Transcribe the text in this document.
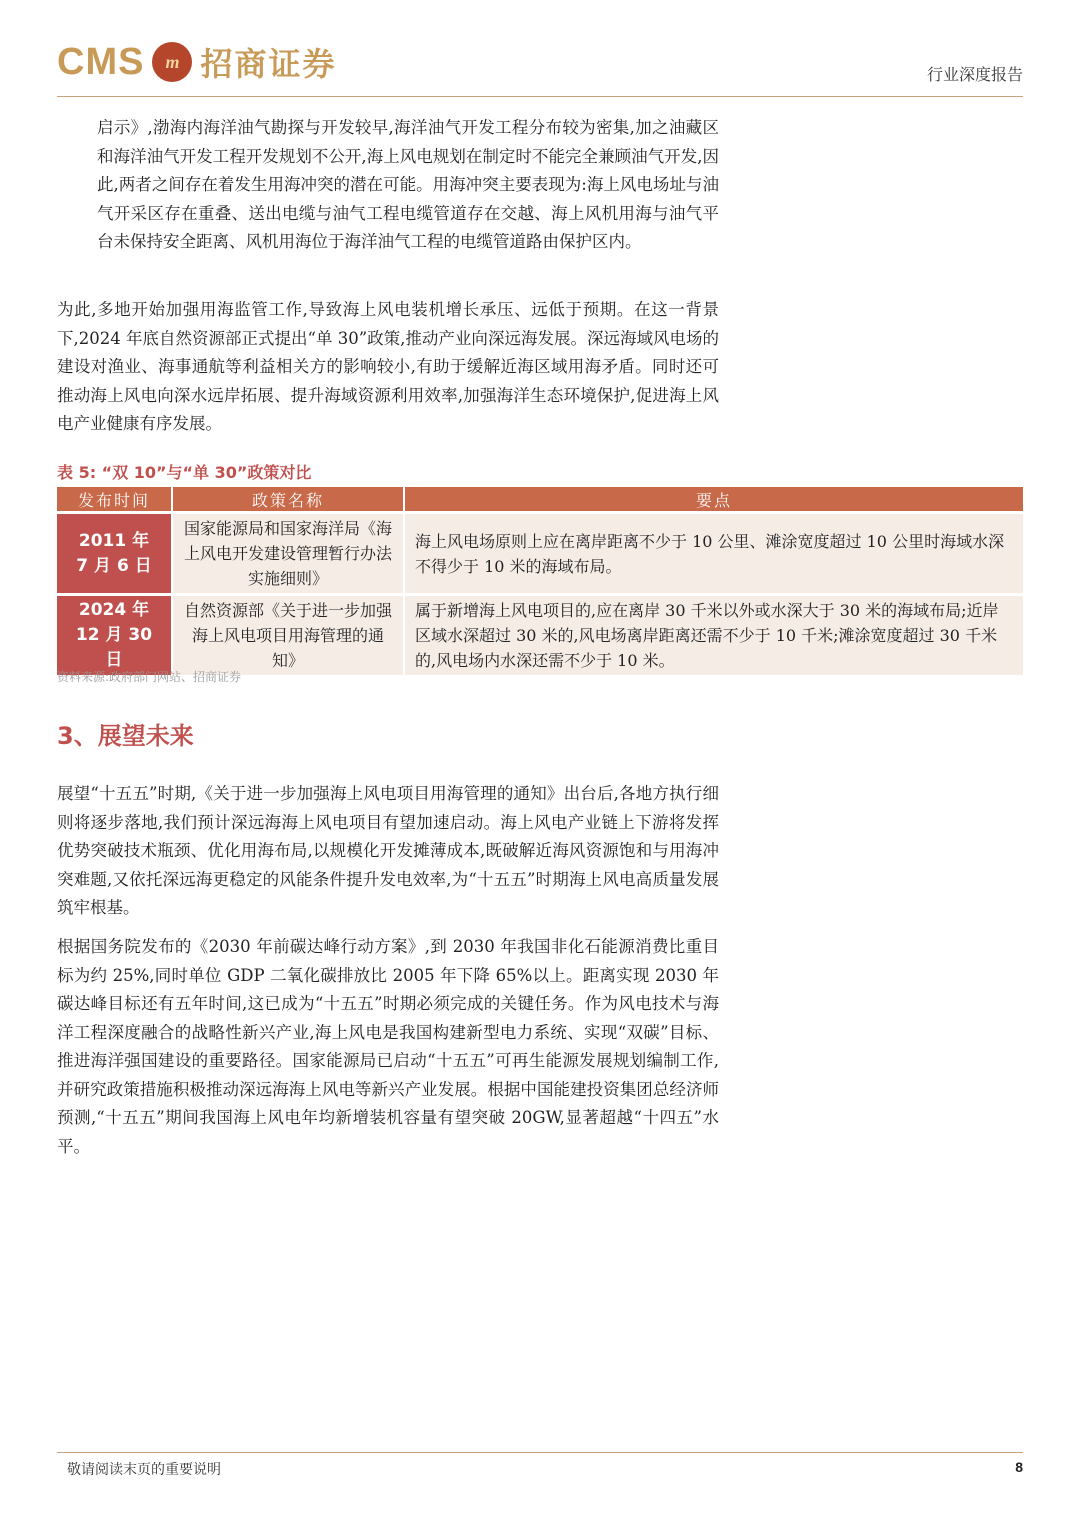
CMS	m 招商证券	行业深度报告

启示》,渤海内海洋油气勘探与开发较早,海洋油气开发工程分布较为密集,加之油藏区和海洋油气开发工程开发规划不公开,海上风电规划在制定时不能完全兼顾油气开发,因此,两者之间存在着发生用海冲突的潜在可能。用海冲突主要表现为:海上风电场址与油气开采区存在重叠、送出电缆与油气工程电缆管道存在交越、海上风机用海与油气平台未保持安全距离、风机用海位于海洋油气工程的电缆管道路由保护区内。

为此,多地开始加强用海监管工作,导致海上风电装机增长承压、远低于预期。在这一背景下,2024 年底自然资源部正式提出“单 30”政策,推动产业向深远海发展。深远海域风电场的建设对渔业、海事通航等利益相关方的影响较小,有助于缓解近海区域用海矛盾。同时还可推动海上风电向深水远岸拓展、提升海域资源利用效率,加强海洋生态环境保护,促进海上风电产业健康有序发展。

表 5: “双 10”与“单 30”政策对比
发布时间	政策名称	要点

2011 年
7 月 6 日	国家能源局和国家海洋局《海上风电开发建设管理暂行办法实施细则》	海上风电场原则上应在离岸距离不少于 10 公里、滩涂宽度超过 10 公里时海域水深不得少于 10 米的海域布局。

2024 年
12 月 30 日	自然资源部《关于进一步加强海上风电项目用海管理的通知》	属于新增海上风电项目的,应在离岸 30 千米以外或水深大于 30 米的海域布局;近岸区域水深超过 30 米的,风电场离岸距离还需不少于 10 千米;滩涂宽度超过 30 千米的,风电场内水深还需不少于 10 米。
资料来源:政府部门网站、招商证券
3、展望未来

展望“十五五”时期,《关于进一步加强海上风电项目用海管理的通知》出台后,各地方执行细则将逐步落地,我们预计深远海海上风电项目有望加速启动。海上风电产业链上下游将发挥优势突破技术瓶颈、优化用海布局,以规模化开发摊薄成本,既破解近海风资源饱和与用海冲突难题,又依托深远海更稳定的风能条件提升发电效率,为“十五五”时期海上风电高质量发展筑牢根基。

根据国务院发布的《2030 年前碳达峰行动方案》,到 2030 年我国非化石能源消费比重目标为约 25%,同时单位 GDP 二氧化碳排放比 2005 年下降 65%以上。距离实现 2030 年碳达峰目标还有五年时间,这已成为“十五五”时期必须完成的关键任务。作为风电技术与海洋工程深度融合的战略性新兴产业,海上风电是我国构建新型电力系统、实现“双碳”目标、推进海洋强国建设的重要路径。国家能源局已启动“十五五”可再生能源发展规划编制工作,并研究政策措施积极推动深远海海上风电等新兴产业发展。根据中国能建投资集团总经济师预测,“十五五”期间我国海上风电年均新增装机容量有望突破 20GW,显著超越“十四五”水平。

敬请阅读末页的重要说明	8
